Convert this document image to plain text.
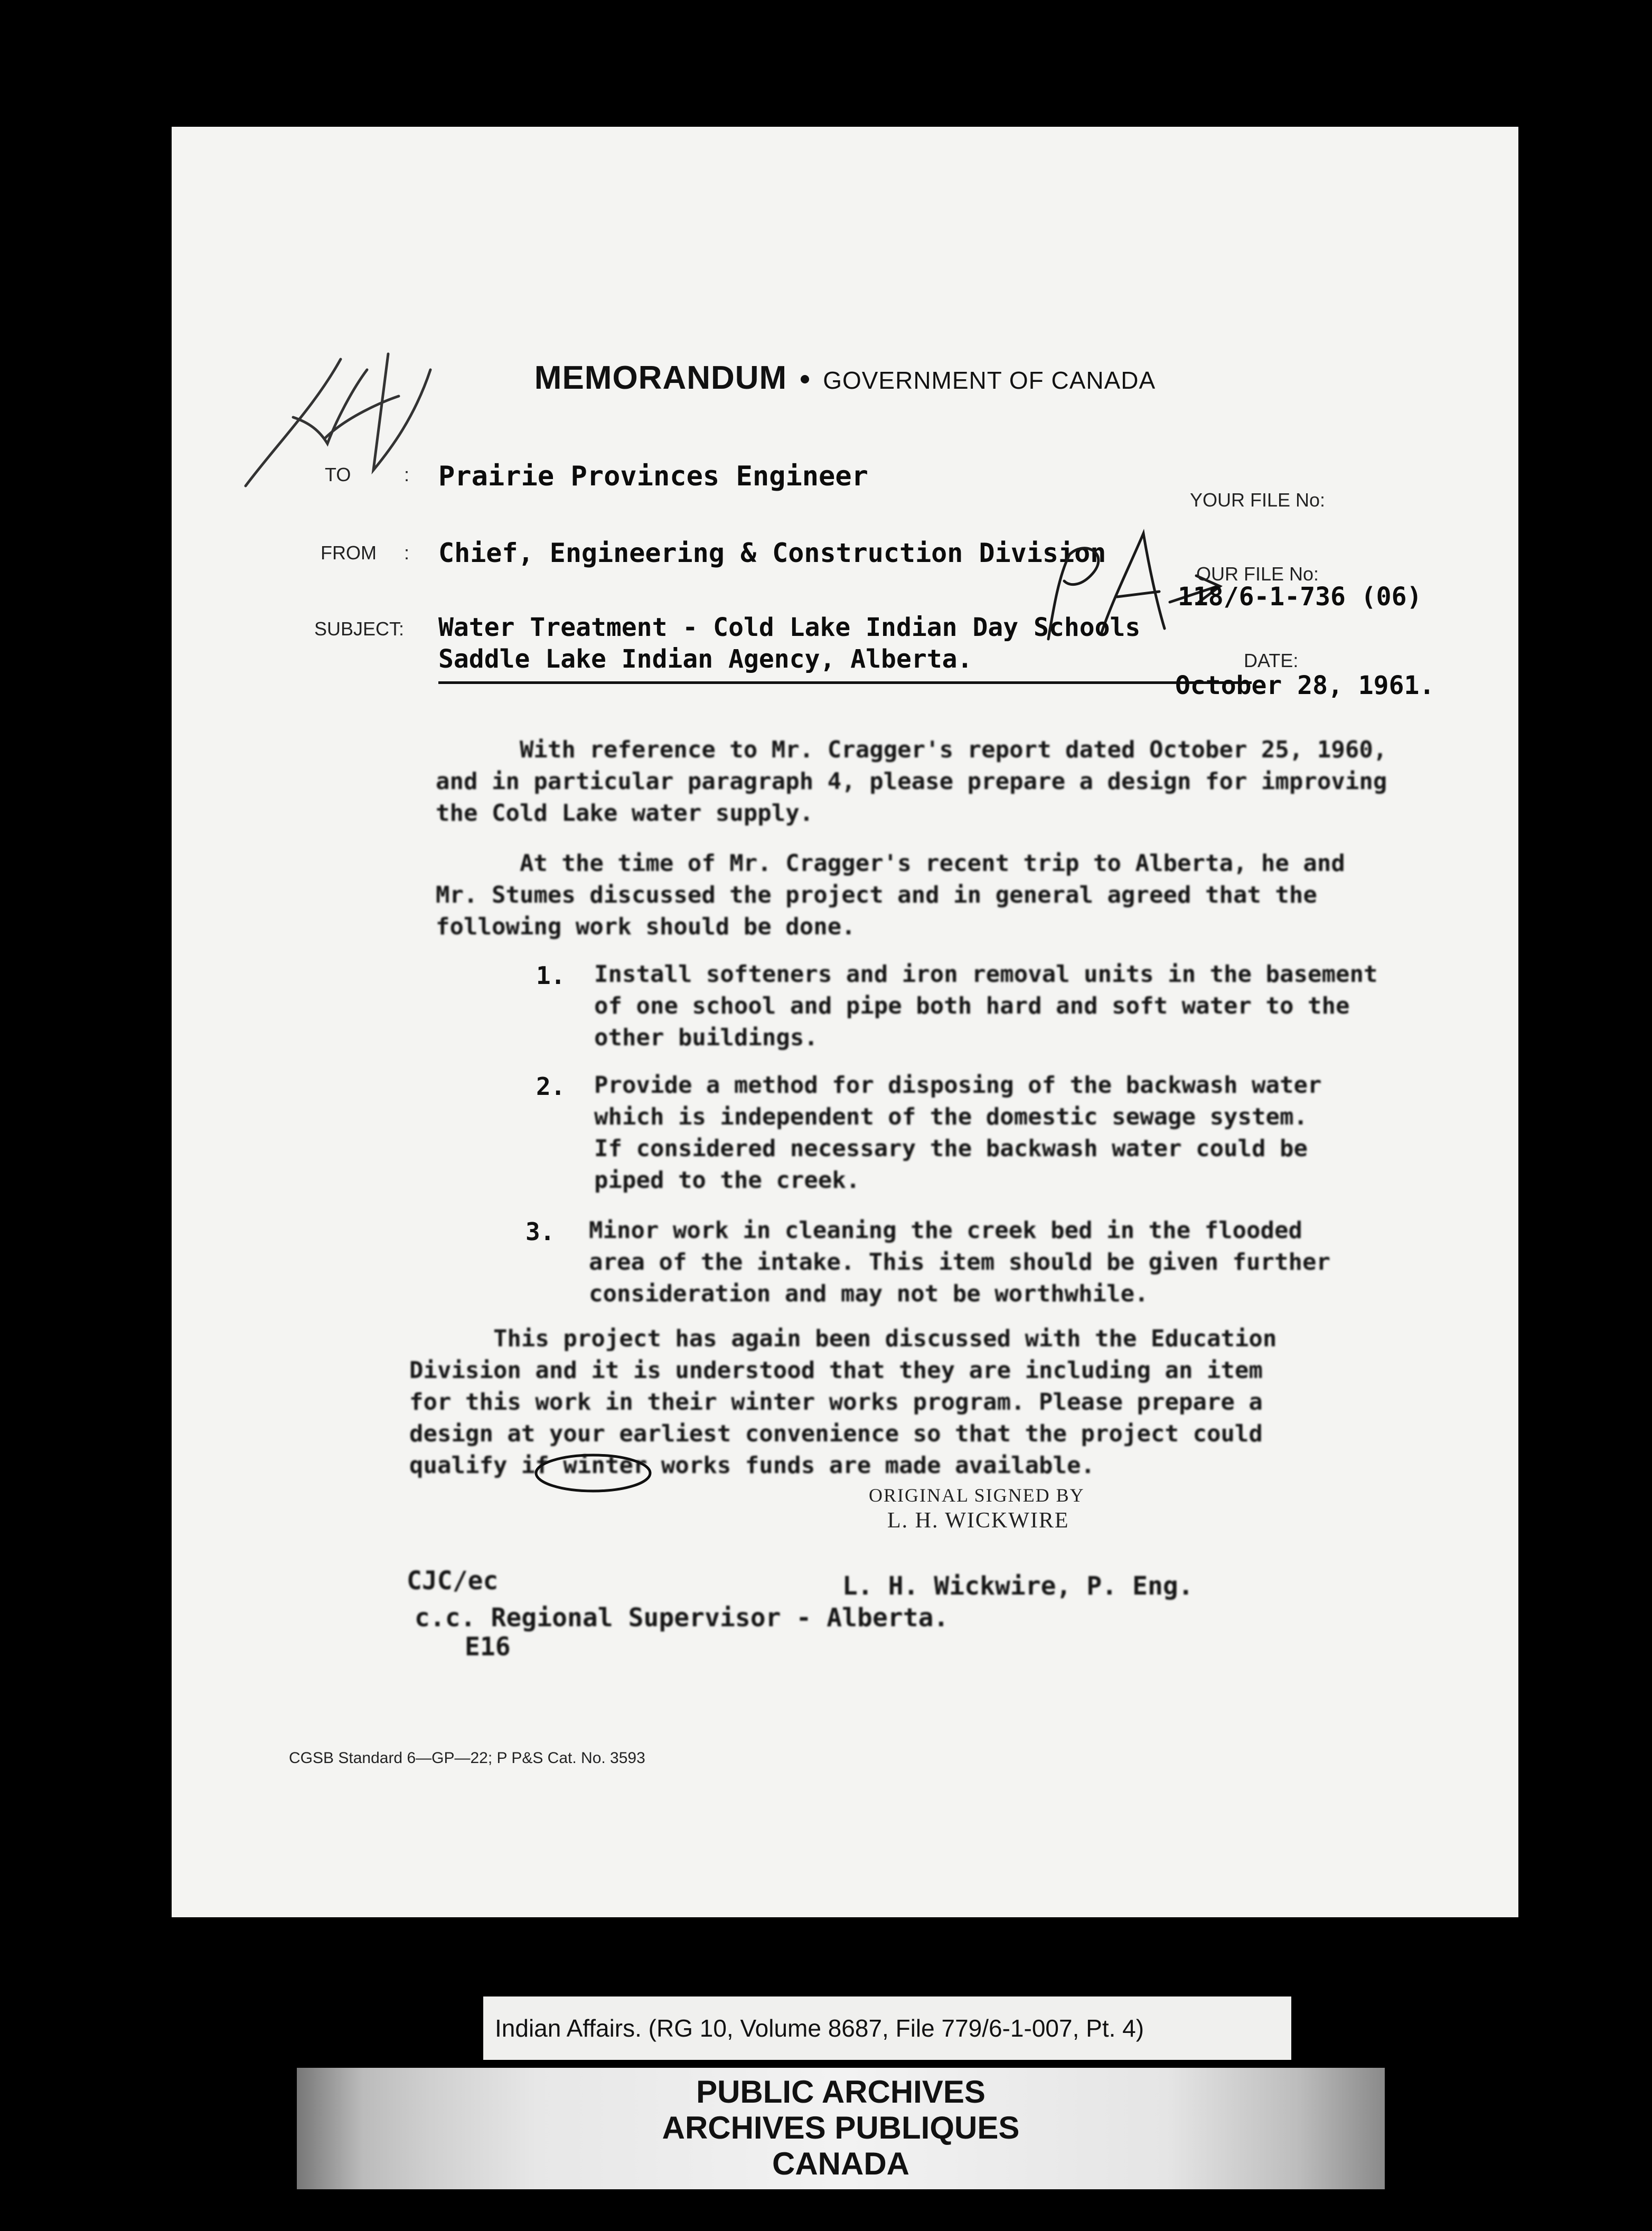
MEMORANDUM GOVERNMENT OF CANADA
TO	: Prairie Provinces Engineer
YOUR FILE No:
FROM : Chief, Engineering & Construction Division
OUR FILE No:
118/6-1-736 (06)
SUBJECT: Water Treatment - Cold Lake Indian Day Schools
Saddle Lake Indian Agency, Alberta.	DATE:
October 28, 1961.
With reference to Mr. Cragger's report dated October 25, 1960,
and in particular paragraph 4, please prepare a design for improving
the Cold Lake water supply.
At the time of Mr. Cragger's recent trip to Alberta, he and
Mr. Stumes discussed the project and in general agreed that the
following work should be done.
1. Install softeners and iron removal units in the basement
of one school and pipe both hard and soft water to the
other buildings.
2. Provide a method for disposing of the backwash water
which is independent of the domestic sewage system.
If considered necessary the backwash water could be
piped to the creek.
3. Minor work in cleaning the creek bed in the flooded
area of the intake. This item should be given further
consideration and may not be worthwhile.
This project has again been discussed with the Education
Division and it is understood that they are including an item
for this work in their winter works program. Please prepare a
design at your earliest convenience so that the project could
qualify if winter works funds are made available.
ORIGINAL SIGNED BY
L. H. WICKWIRE
CJC/ec	L. H. Wickwire, P. Eng.
c.c. Regional Supervisor - Alberta.
E16
CGSB Standard 6—GP—22; P P&S Cat. No. 3593
Indian Affairs. (RG 10, Volume 8687, File 779/6-1-007, Pt. 4)
PUBLIC ARCHIVES
ARCHIVES PUBLIQUES
CANADA
